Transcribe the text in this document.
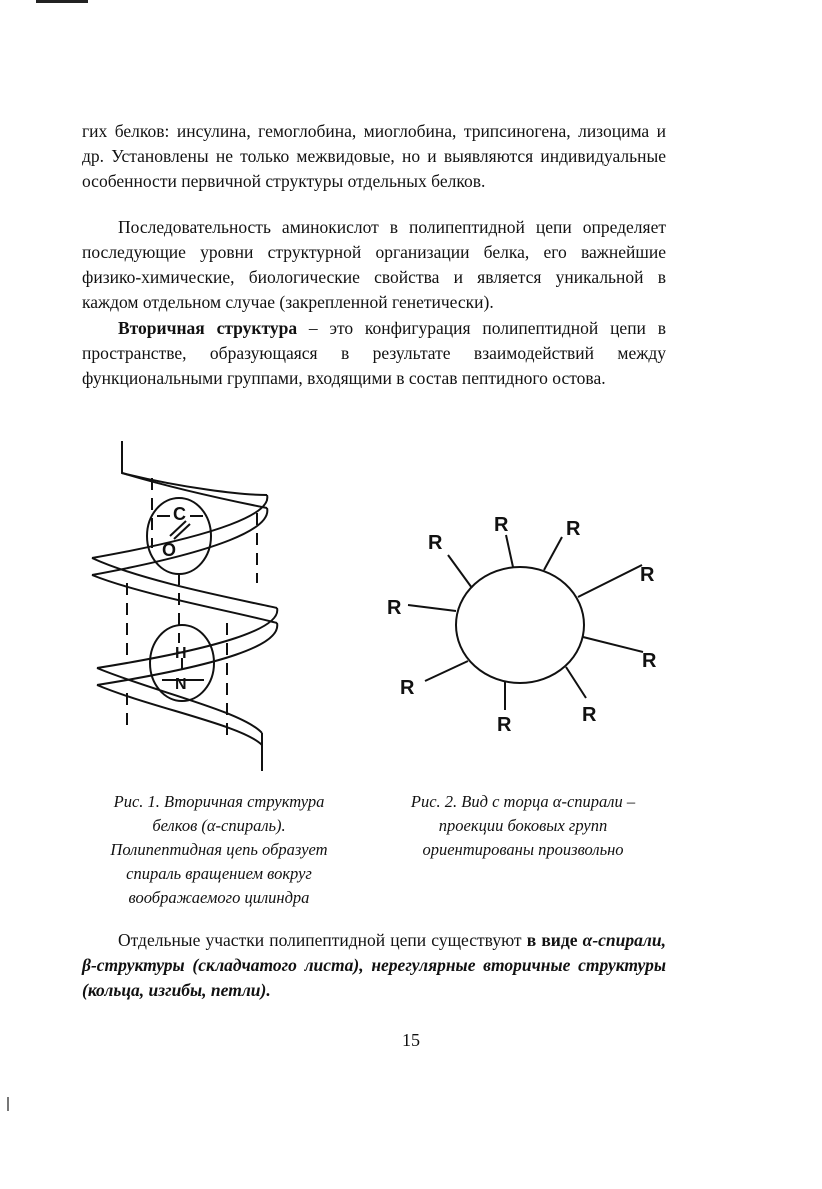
гих белков: инсулина, гемоглобина, миоглобина, трипсиногена, лизоцима и др. Установлены не только межвидовые, но и выявляются индивидуальные особенности первичной структуры отдельных белков.

Последовательность аминокислот в полипептидной цепи определяет последующие уровни структурной организации белка, его важнейшие физико-химические, биологические свойства и является уникальной в каждом отдельном случае (закрепленной генетически).

Вторичная структура – это конфигурация полипептидной цепи в пространстве, образующаяся в результате взаимодействий между функциональными группами, входящими в состав пептидного остова.

C
O
H
N
R
R	R
R
R
R
R
R	R
Рис. 1. Вторичная структура
белков (α-спираль).
Полипептидная цепь образует
спираль вращением вокруг
воображаемого цилиндра
Рис. 2. Вид с торца α-спирали –
проекции боковых групп
ориентированы произвольно

Отдельные участки полипептидной цепи существуют в виде α-спирали, β-структуры (складчатого листа), нерегулярные вторичные структуры (кольца, изгибы, петли).

15
